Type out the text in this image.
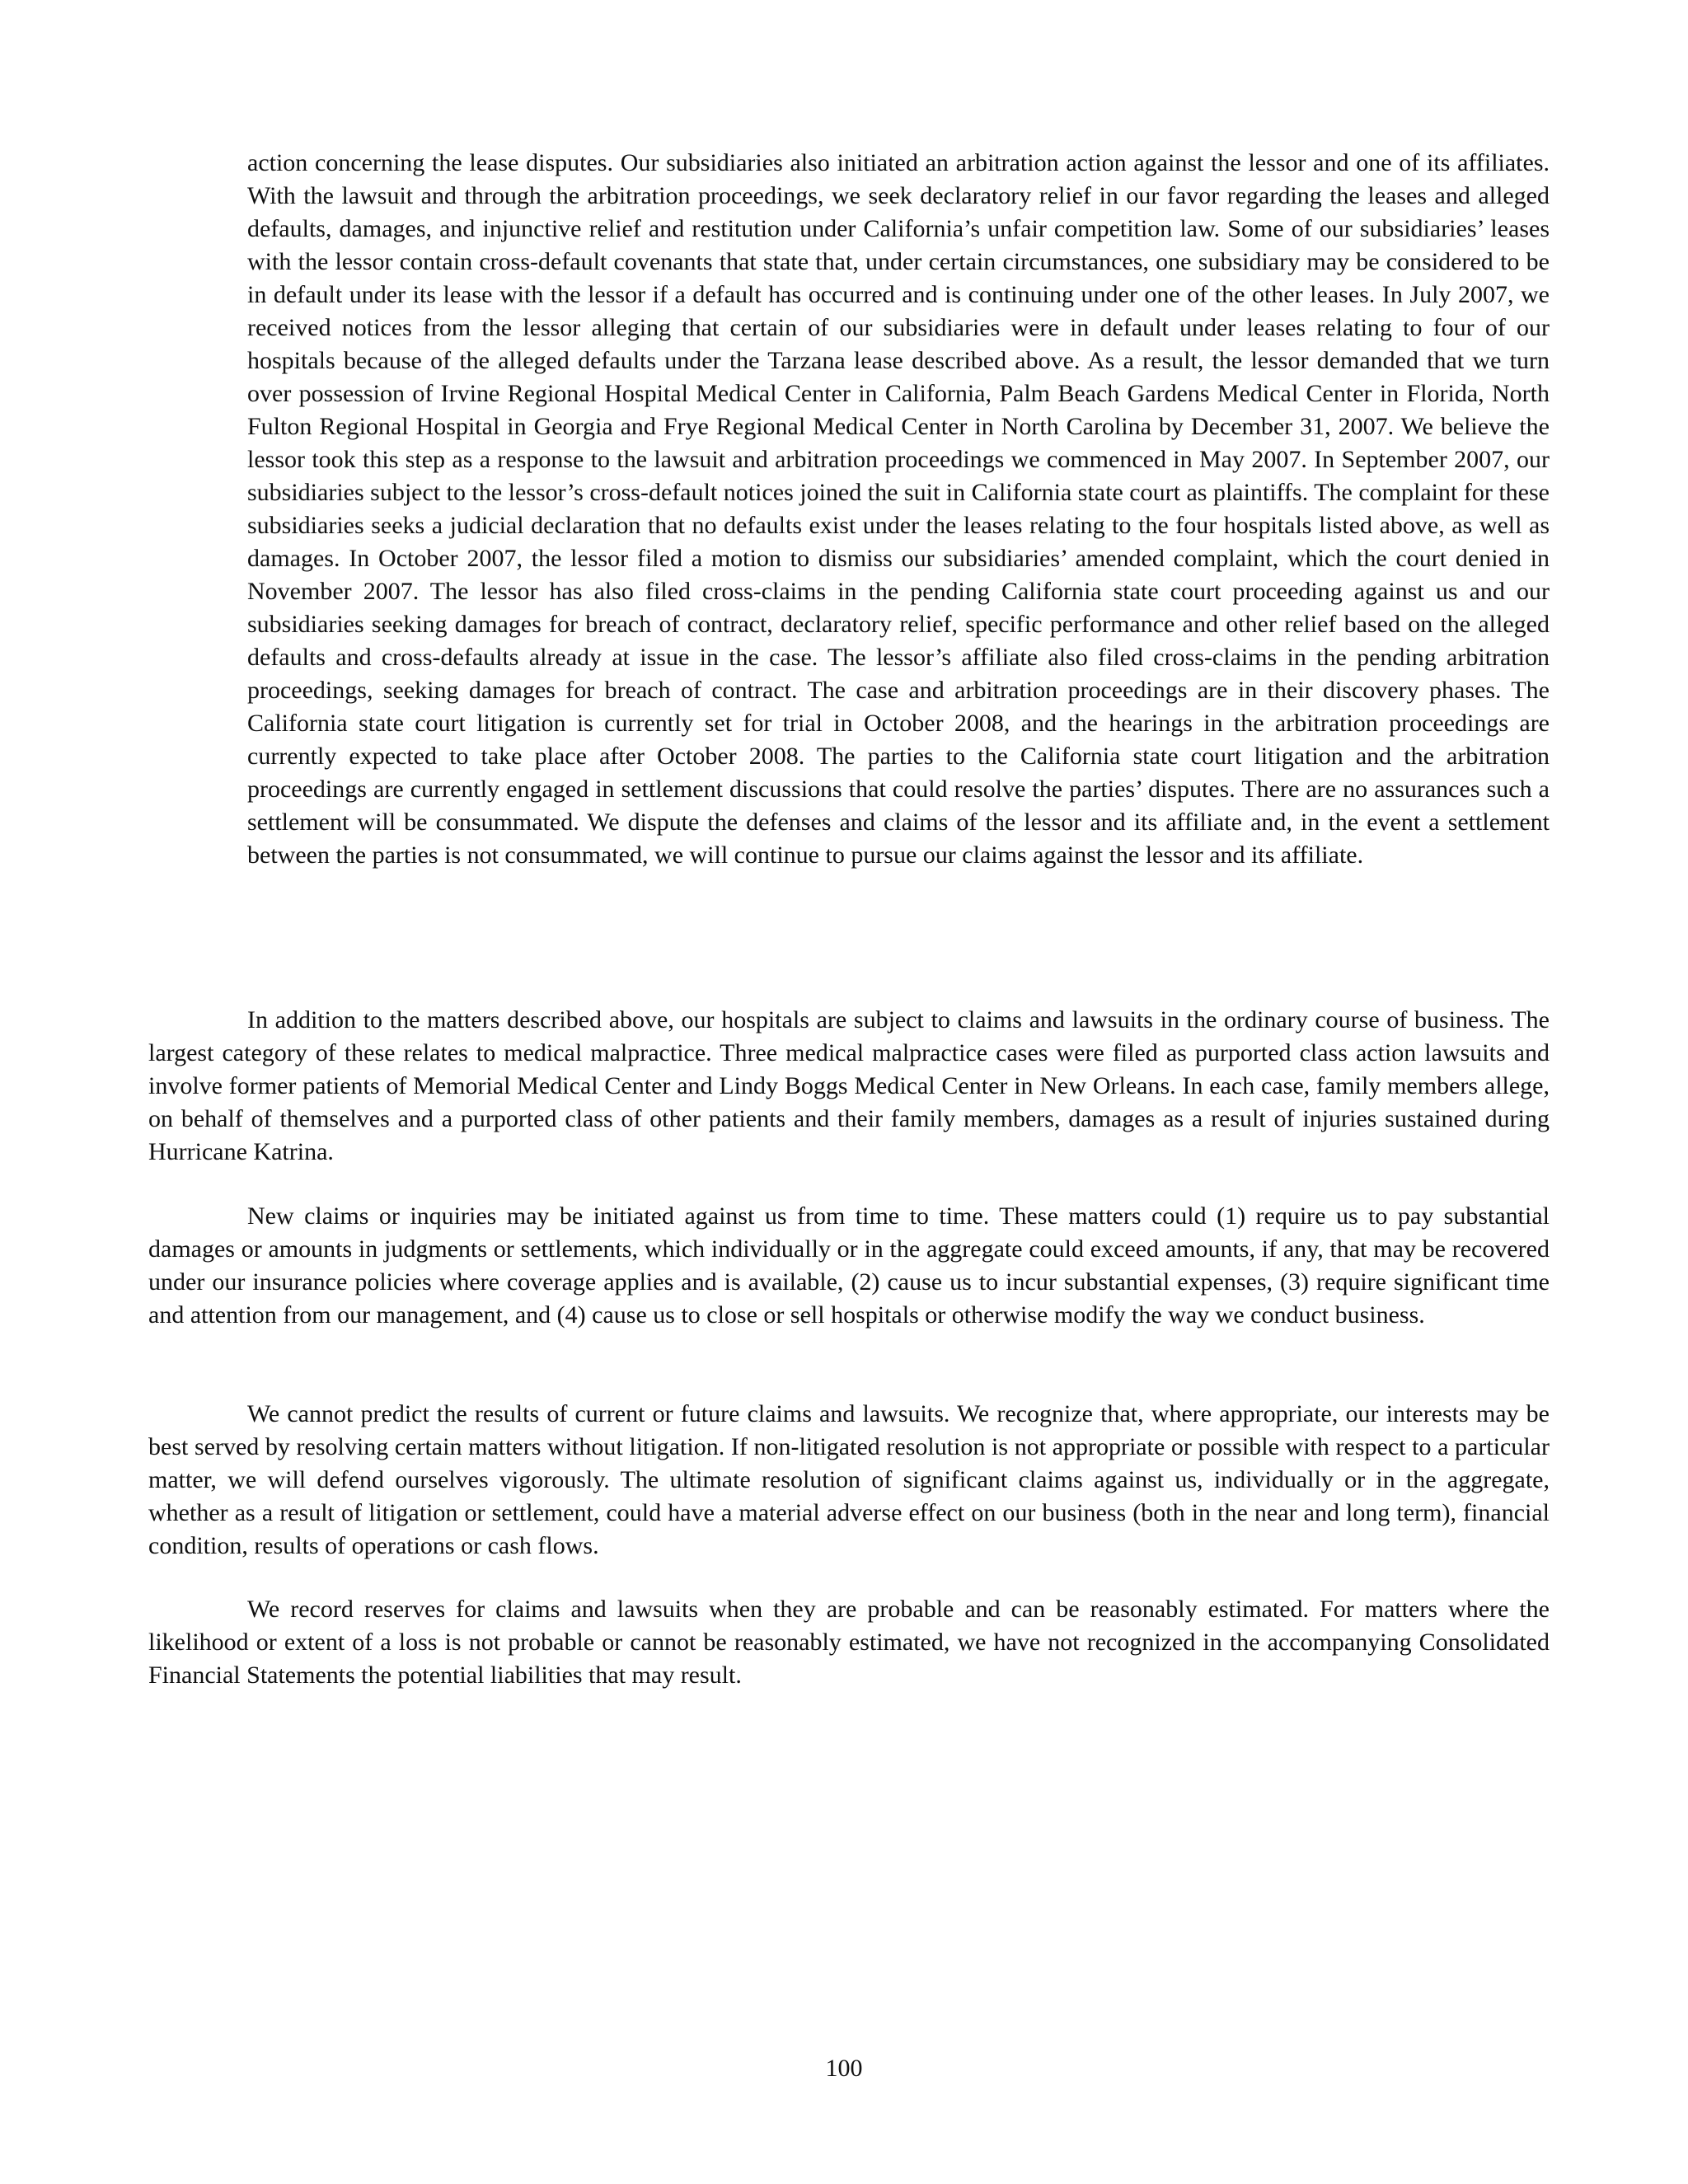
action concerning the lease disputes. Our subsidiaries also initiated an arbitration action against the lessor and one of its affiliates. With the lawsuit and through the arbitration proceedings, we seek declaratory relief in our favor regarding the leases and alleged defaults, damages, and injunctive relief and restitution under California’s unfair competition law. Some of our subsidiaries’ leases with the lessor contain cross-default covenants that state that, under certain circumstances, one subsidiary may be considered to be in default under its lease with the lessor if a default has occurred and is continuing under one of the other leases. In July 2007, we received notices from the lessor alleging that certain of our subsidiaries were in default under leases relating to four of our hospitals because of the alleged defaults under the Tarzana lease described above. As a result, the lessor demanded that we turn over possession of Irvine Regional Hospital Medical Center in California, Palm Beach Gardens Medical Center in Florida, North Fulton Regional Hospital in Georgia and Frye Regional Medical Center in North Carolina by December 31, 2007. We believe the lessor took this step as a response to the lawsuit and arbitration proceedings we commenced in May 2007. In September 2007, our subsidiaries subject to the lessor’s cross-default notices joined the suit in California state court as plaintiffs. The complaint for these subsidiaries seeks a judicial declaration that no defaults exist under the leases relating to the four hospitals listed above, as well as damages. In October 2007, the lessor filed a motion to dismiss our subsidiaries’ amended complaint, which the court denied in November 2007. The lessor has also filed cross-claims in the pending California state court proceeding against us and our subsidiaries seeking damages for breach of contract, declaratory relief, specific performance and other relief based on the alleged defaults and cross-defaults already at issue in the case. The lessor’s affiliate also filed cross-claims in the pending arbitration proceedings, seeking damages for breach of contract. The case and arbitration proceedings are in their discovery phases. The California state court litigation is currently set for trial in October 2008, and the hearings in the arbitration proceedings are currently expected to take place after October 2008. The parties to the California state court litigation and the arbitration proceedings are currently engaged in settlement discussions that could resolve the parties’ disputes. There are no assurances such a settlement will be consummated. We dispute the defenses and claims of the lessor and its affiliate and, in the event a settlement between the parties is not consummated, we will continue to pursue our claims against the lessor and its affiliate.

In addition to the matters described above, our hospitals are subject to claims and lawsuits in the ordinary course of business. The largest category of these relates to medical malpractice. Three medical malpractice cases were filed as purported class action lawsuits and involve former patients of Memorial Medical Center and Lindy Boggs Medical Center in New Orleans. In each case, family members allege, on behalf of themselves and a purported class of other patients and their family members, damages as a result of injuries sustained during Hurricane Katrina.

New claims or inquiries may be initiated against us from time to time. These matters could (1) require us to pay substantial damages or amounts in judgments or settlements, which individually or in the aggregate could exceed amounts, if any, that may be recovered under our insurance policies where coverage applies and is available, (2) cause us to incur substantial expenses, (3) require significant time and attention from our management, and (4) cause us to close or sell hospitals or otherwise modify the way we conduct business.

We cannot predict the results of current or future claims and lawsuits. We recognize that, where appropriate, our interests may be best served by resolving certain matters without litigation. If non-litigated resolution is not appropriate or possible with respect to a particular matter, we will defend ourselves vigorously. The ultimate resolution of significant claims against us, individually or in the aggregate, whether as a result of litigation or settlement, could have a material adverse effect on our business (both in the near and long term), financial condition, results of operations or cash flows.

We record reserves for claims and lawsuits when they are probable and can be reasonably estimated. For matters where the likelihood or extent of a loss is not probable or cannot be reasonably estimated, we have not recognized in the accompanying Consolidated Financial Statements the potential liabilities that may result.

100
